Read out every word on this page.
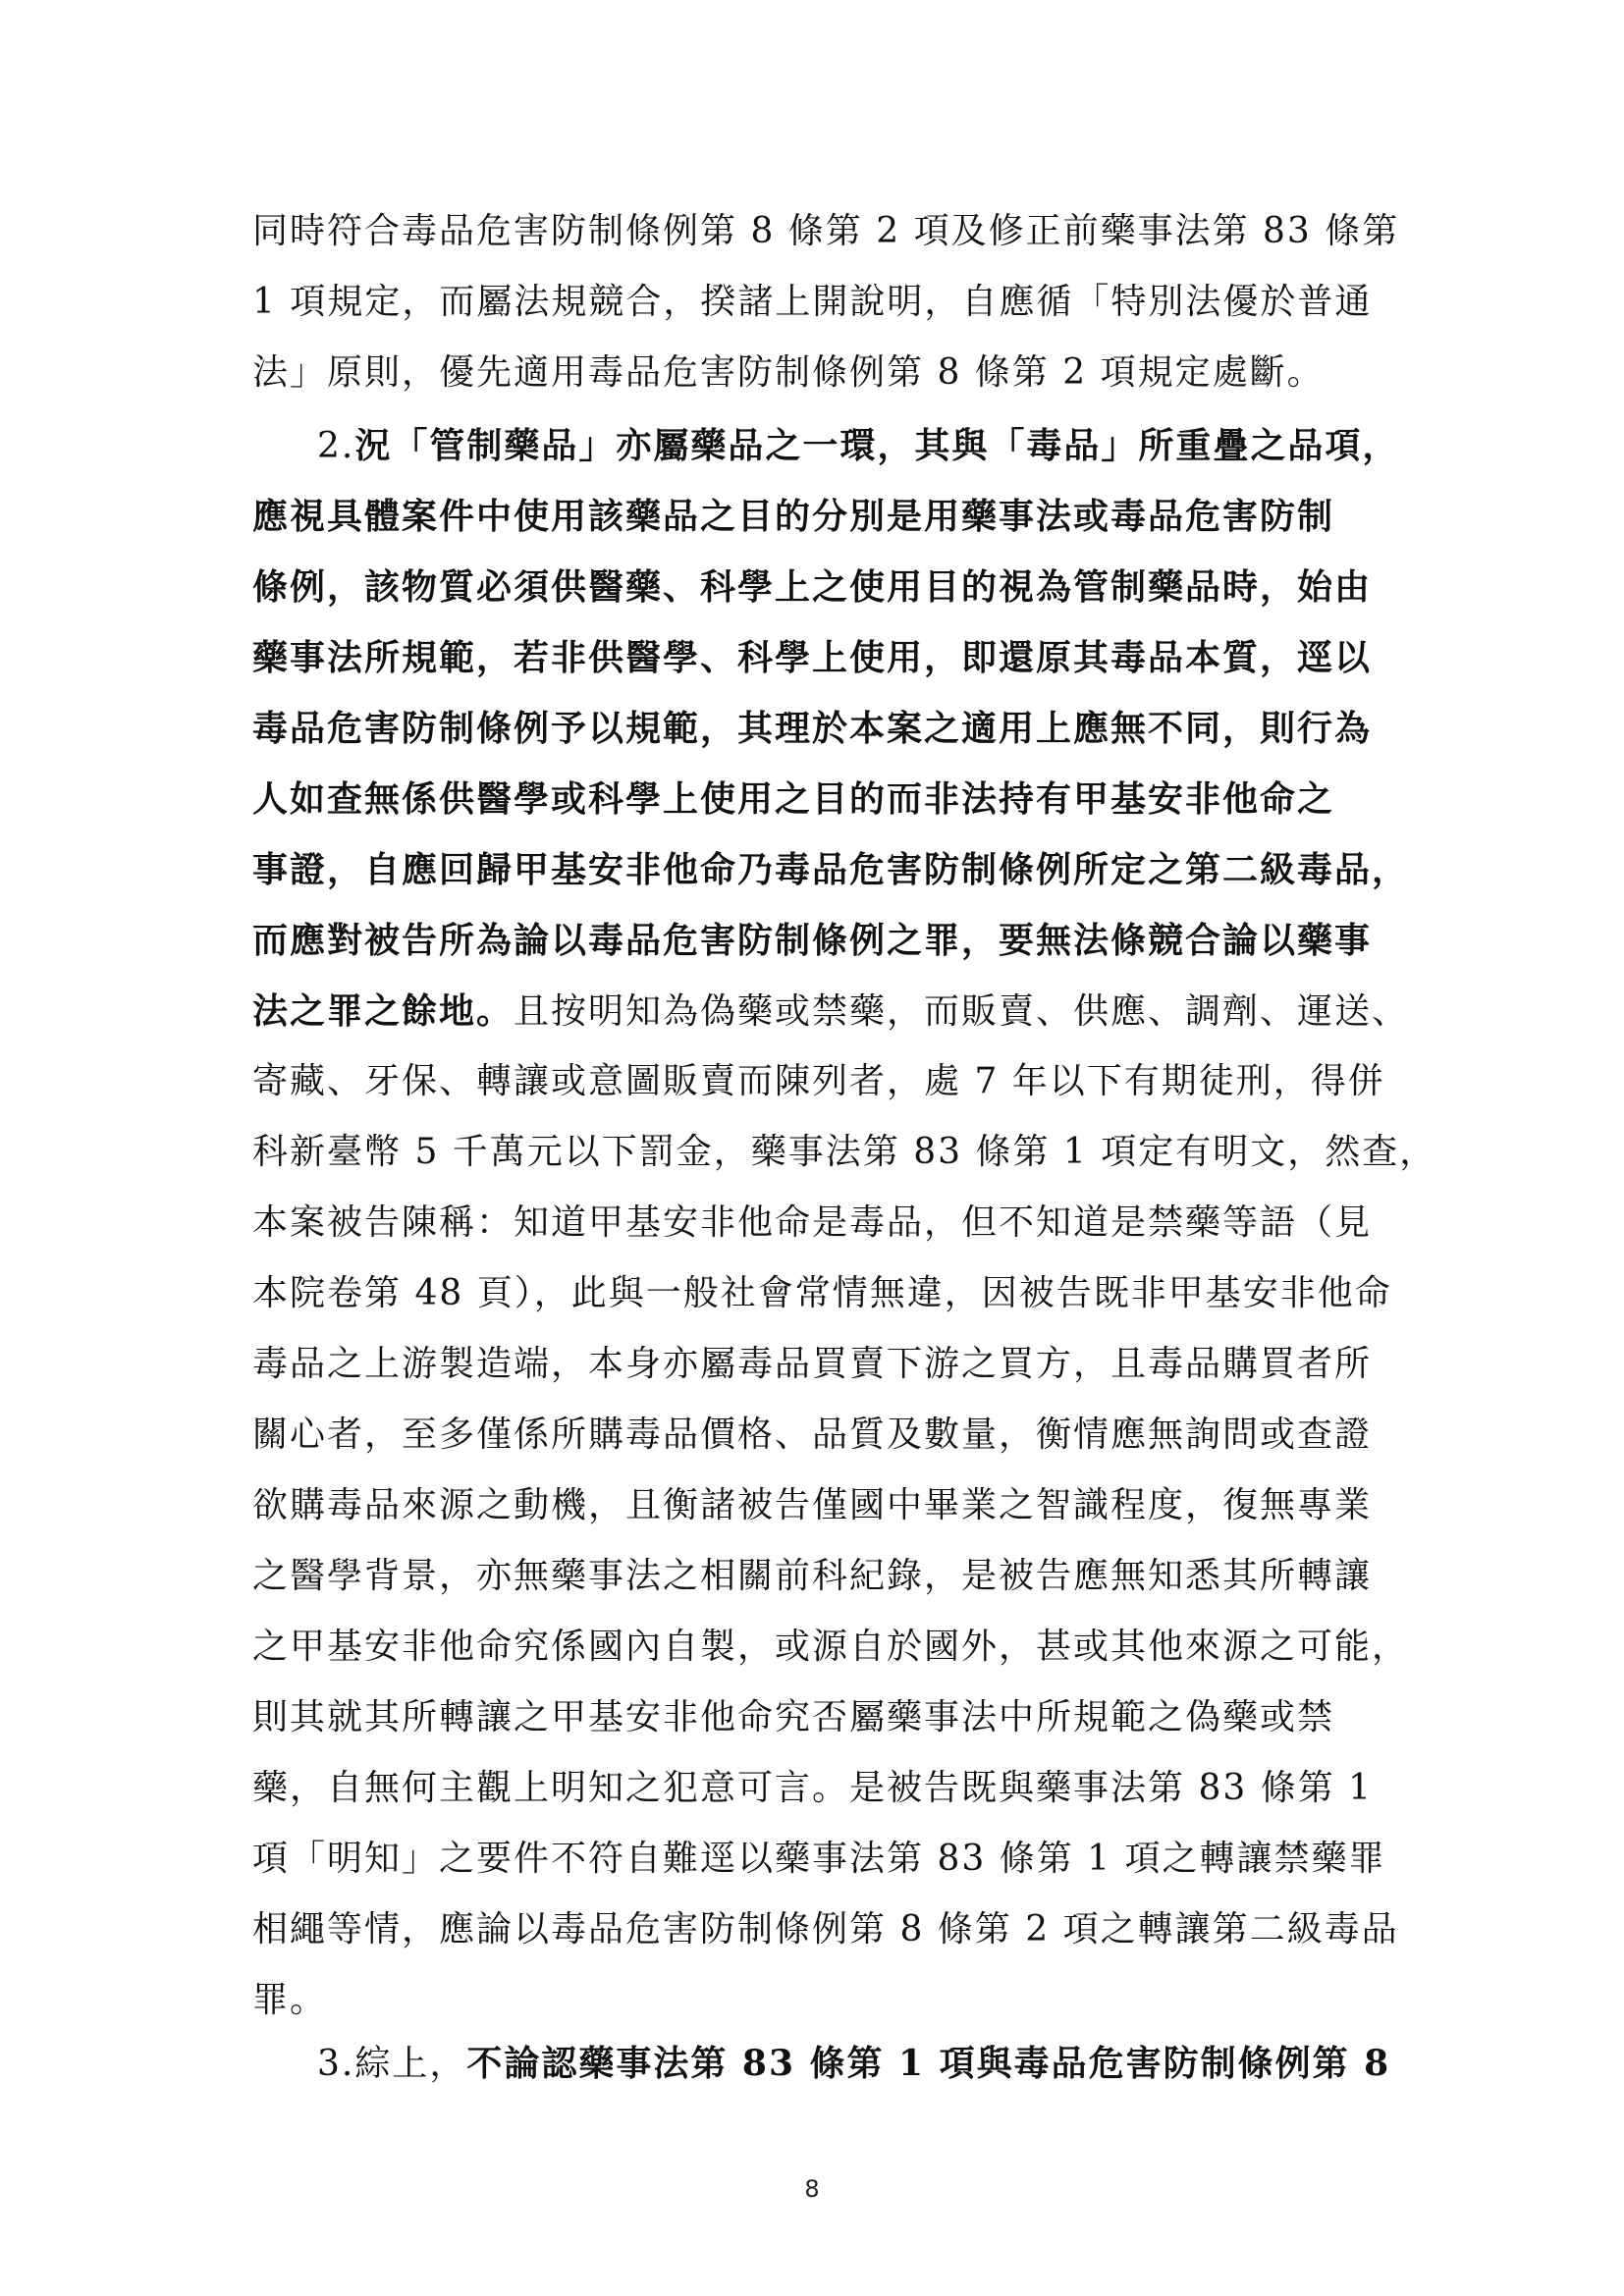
同時符合毒品危害防制條例第 8 條第 2 項及修正前藥事法第 83 條第
1 項規定，而屬法規競合，揆諸上開說明，自應循「特別法優於普通
法」原則，優先適用毒品危害防制條例第 8 條第 2 項規定處斷。
2.況「管制藥品」亦屬藥品之一環，其與「毒品」所重疊之品項，
應視具體案件中使用該藥品之目的分別是用藥事法或毒品危害防制
條例，該物質必須供醫藥、科學上之使用目的視為管制藥品時，始由
藥事法所規範，若非供醫學、科學上使用，即還原其毒品本質，逕以
毒品危害防制條例予以規範，其理於本案之適用上應無不同，則行為
人如查無係供醫學或科學上使用之目的而非法持有甲基安非他命之
事證，自應回歸甲基安非他命乃毒品危害防制條例所定之第二級毒品，
而應對被告所為論以毒品危害防制條例之罪，要無法條競合論以藥事
法之罪之餘地。且按明知為偽藥或禁藥，而販賣、供應、調劑、運送、
寄藏、牙保、轉讓或意圖販賣而陳列者，處 7 年以下有期徒刑，得併
科新臺幣 5 千萬元以下罰金，藥事法第 83 條第 1 項定有明文，然查，
本案被告陳稱：知道甲基安非他命是毒品，但不知道是禁藥等語（見
本院卷第 48 頁），此與一般社會常情無違，因被告既非甲基安非他命
毒品之上游製造端，本身亦屬毒品買賣下游之買方，且毒品購買者所
關心者，至多僅係所購毒品價格、品質及數量，衡情應無詢問或查證
欲購毒品來源之動機，且衡諸被告僅國中畢業之智識程度，復無專業
之醫學背景，亦無藥事法之相關前科紀錄，是被告應無知悉其所轉讓
之甲基安非他命究係國內自製，或源自於國外，甚或其他來源之可能，
則其就其所轉讓之甲基安非他命究否屬藥事法中所規範之偽藥或禁
藥，自無何主觀上明知之犯意可言。是被告既與藥事法第 83 條第 1
項「明知」之要件不符自難逕以藥事法第 83 條第 1 項之轉讓禁藥罪
相繩等情，應論以毒品危害防制條例第 8 條第 2 項之轉讓第二級毒品
罪。
3.綜上，不論認藥事法第 83 條第 1 項與毒品危害防制條例第 8
8
